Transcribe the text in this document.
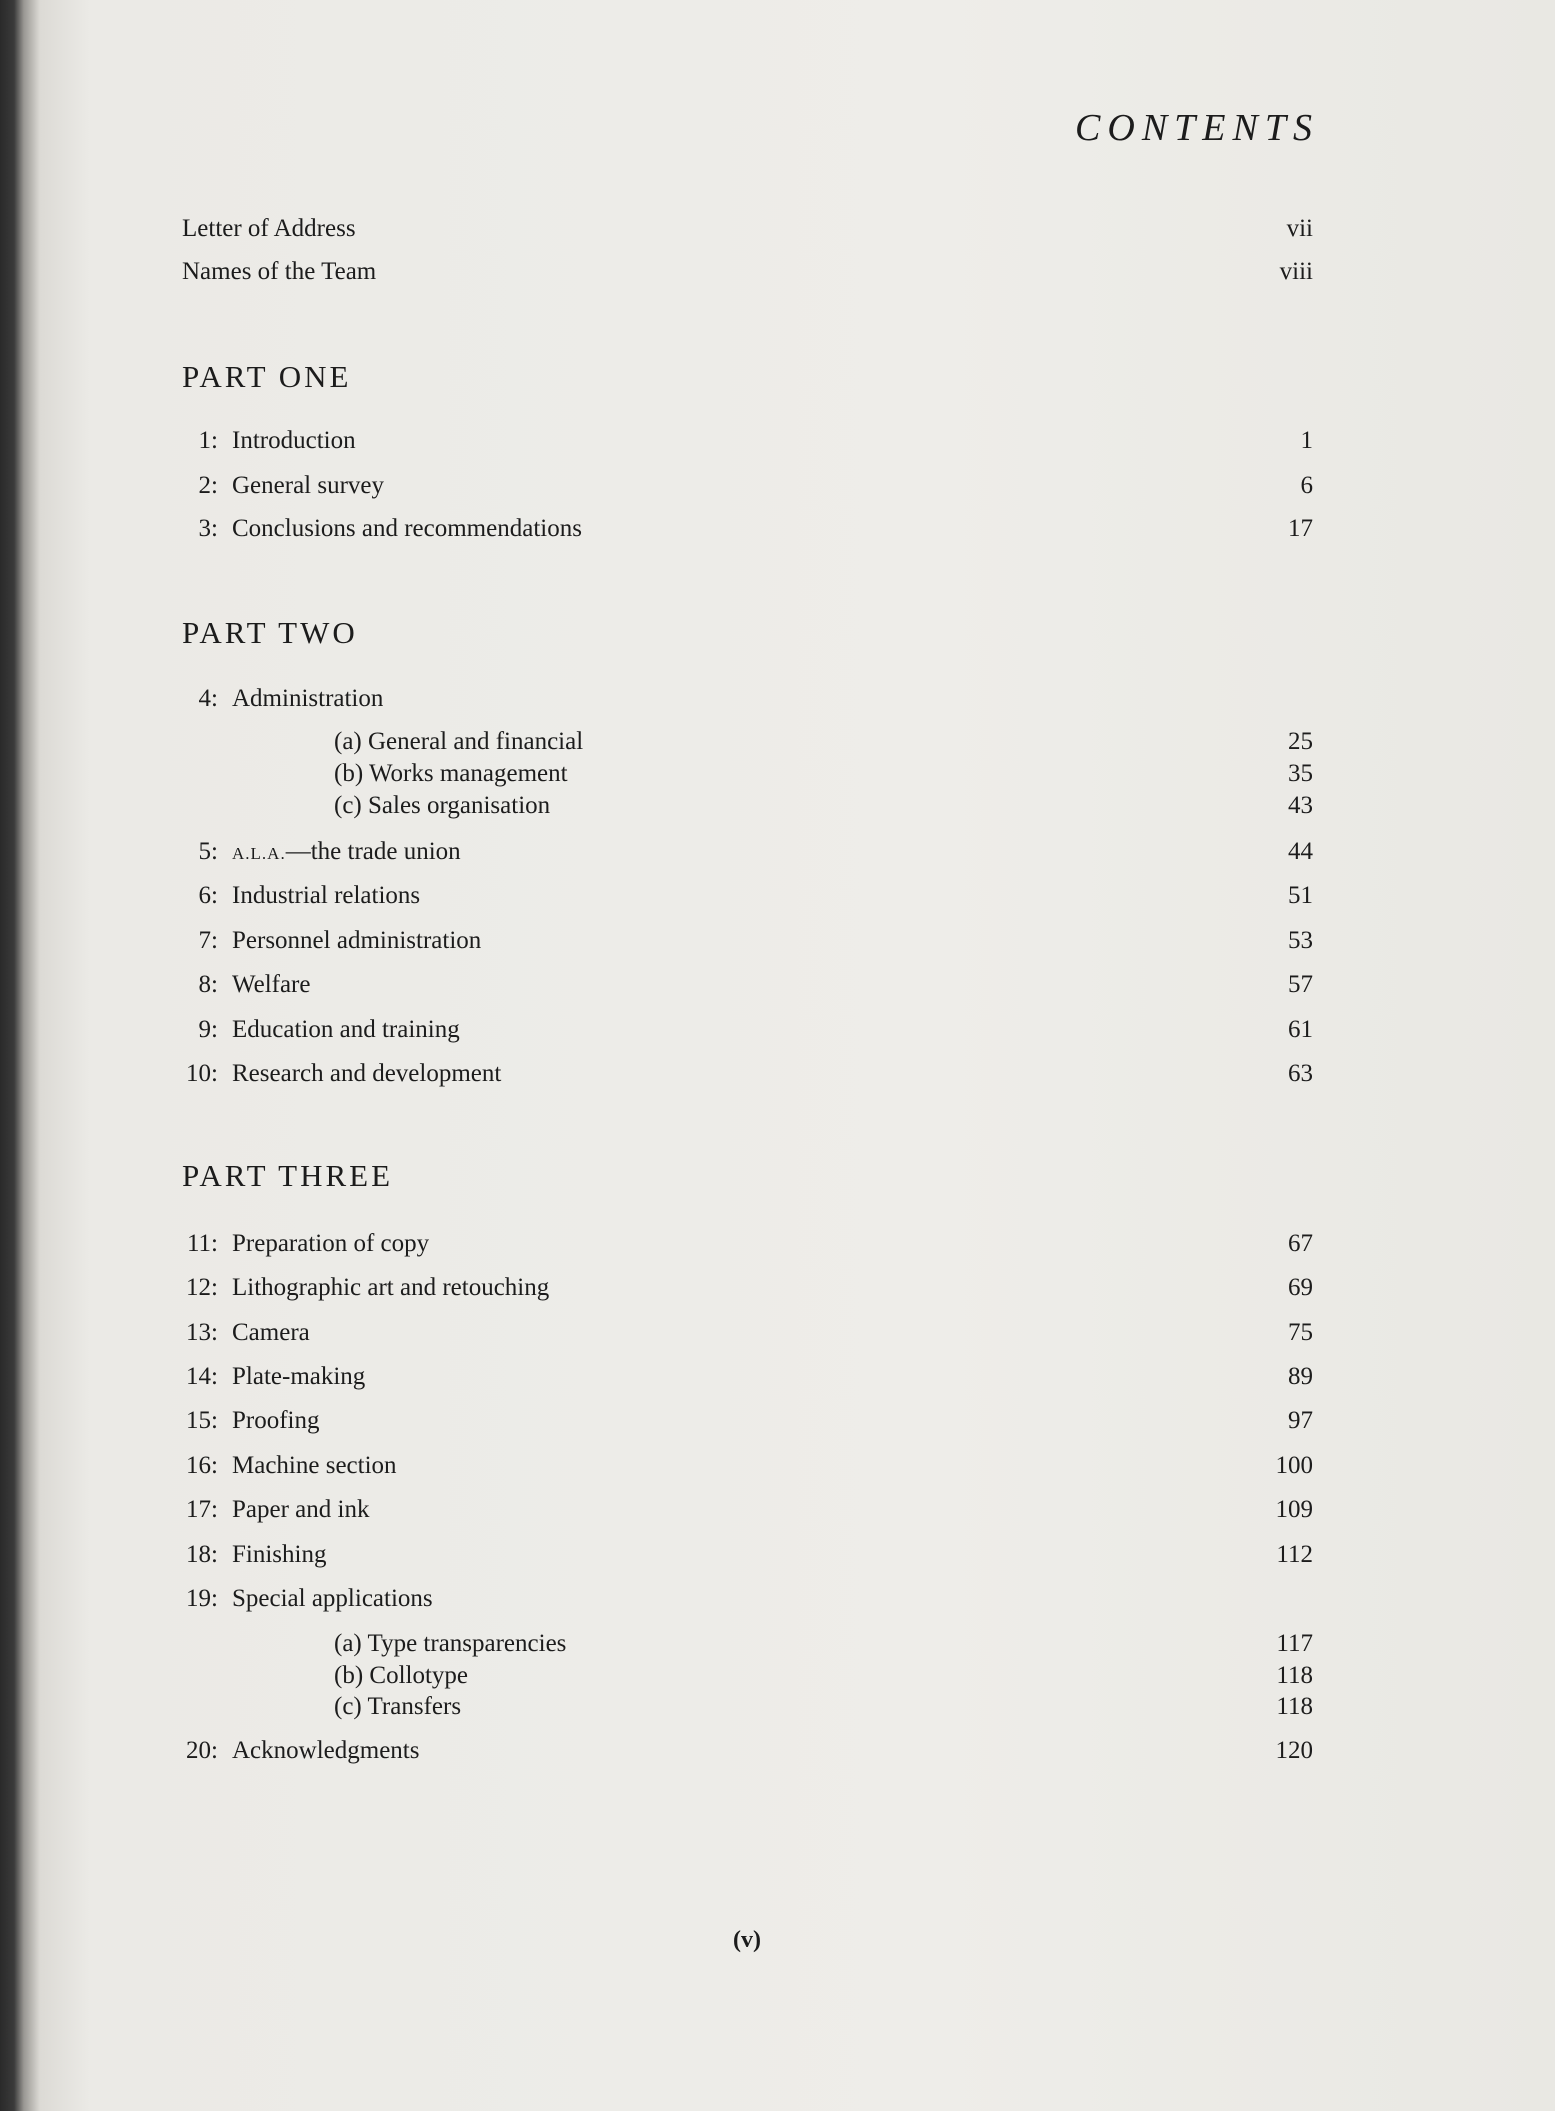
CONTENTS
Letter of Address	vii
Names of the Team	viii
PART ONE
PART TWO
PART THREE
1: Introduction	1
2: General survey	6
3: Conclusions and recommendations	17
4: Administration
(a) General and financial	25
(b) Works management	35
(c) Sales organisation	43
5: A.L.A.—the trade union	44
6: Industrial relations	51
7: Personnel administration	53
8: Welfare	57
9: Education and training	61
10: Research and development	63
11: Preparation of copy	67
12: Lithographic art and retouching	69
13: Camera	75
14: Plate-making	89
15: Proofing	97
16: Machine section	100
17: Paper and ink	109
18: Finishing	112
19: Special applications
(a) Type transparencies	117
(b) Collotype	118
(c) Transfers	118
20: Acknowledgments	120
(v)
